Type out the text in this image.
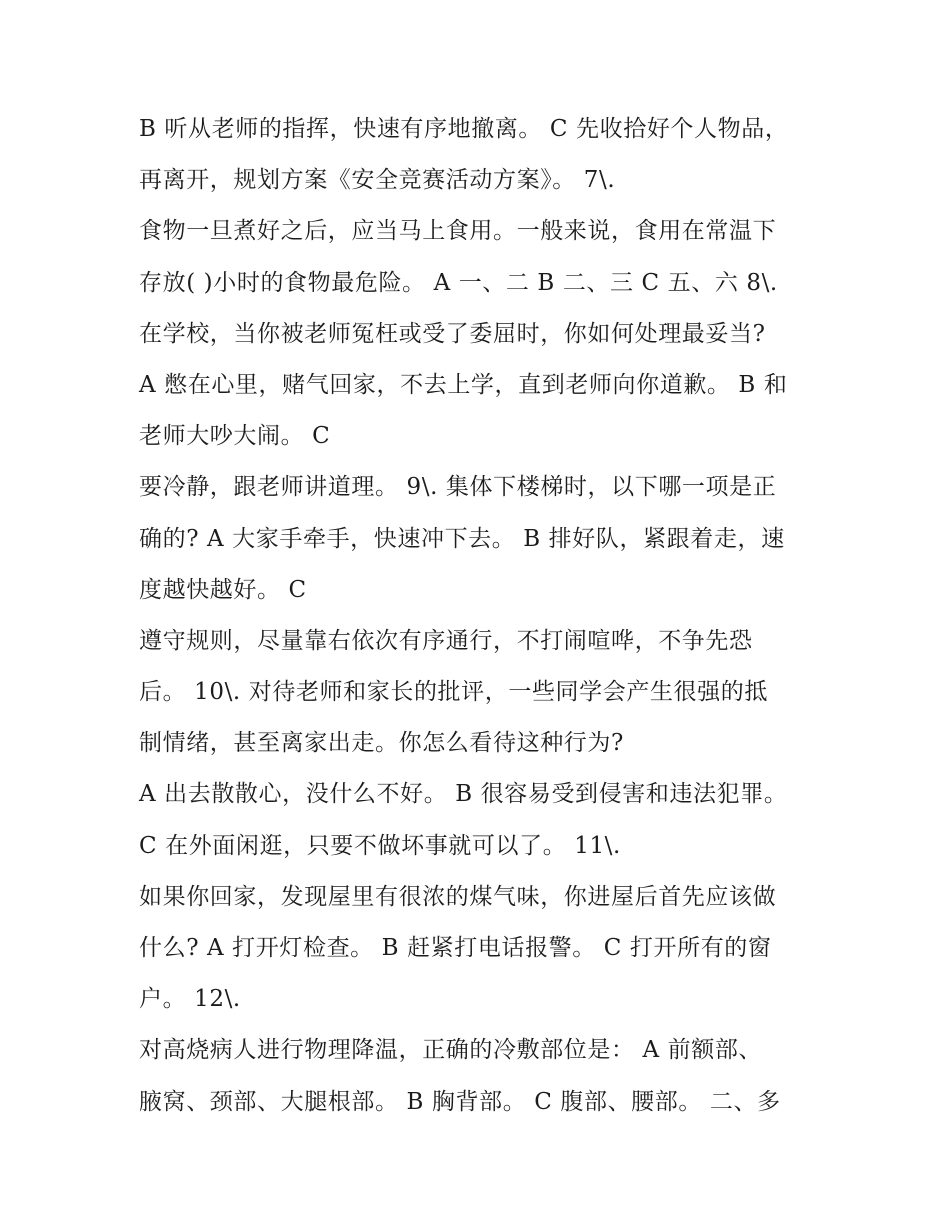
B 听从老师的指挥，快速有序地撤离。 C 先收拾好个人物品，
再离开，规划方案《安全竞赛活动方案》。 7\.
食物一旦煮好之后，应当马上食用。一般来说，食用在常温下
存放( )小时的食物最危险。 A 一、二 B 二、三 C 五、六 8\.
在学校，当你被老师冤枉或受了委屈时，你如何处理最妥当?
A 憋在心里，赌气回家，不去上学，直到老师向你道歉。 B 和
老师大吵大闹。 C
要冷静，跟老师讲道理。 9\. 集体下楼梯时，以下哪一项是正
确的? A 大家手牵手，快速冲下去。 B 排好队，紧跟着走，速
度越快越好。 C
遵守规则，尽量靠右依次有序通行，不打闹喧哗，不争先恐
后。 10\. 对待老师和家长的批评，一些同学会产生很强的抵
制情绪，甚至离家出走。你怎么看待这种行为?
A 出去散散心，没什么不好。 B 很容易受到侵害和违法犯罪。
C 在外面闲逛，只要不做坏事就可以了。 11\.
如果你回家，发现屋里有很浓的煤气味，你进屋后首先应该做
什么? A 打开灯检查。 B 赶紧打电话报警。 C 打开所有的窗
户。 12\.
对高烧病人进行物理降温，正确的冷敷部位是： A 前额部、
腋窝、颈部、大腿根部。 B 胸背部。 C 腹部、腰部。 二、多
